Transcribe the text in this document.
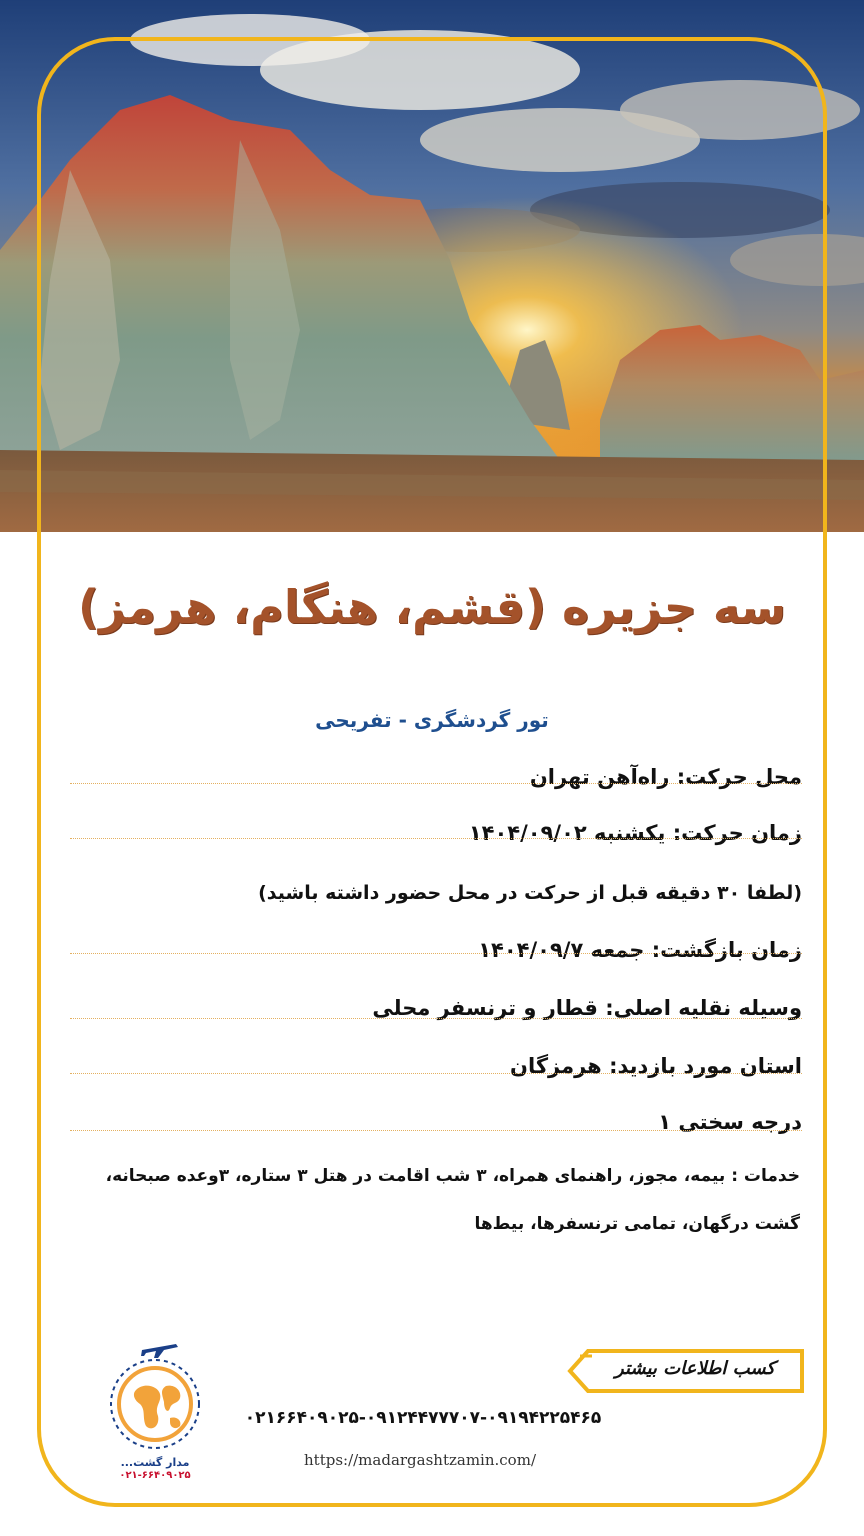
سه جزیره (قشم، هنگام، هرمز)
تور گردشگری - تفریحی
محل حرکت: راه‌آهن تهران
زمان حرکت: یکشنبه ۱۴۰۴/۰۹/۰۲
(لطفا ۳۰ دقیقه قبل از حرکت در محل حضور داشته باشید)
زمان بازگشت: جمعه ۱۴۰۴/۰۹/۷
وسیله نقلیه اصلی: قطار و ترنسفر محلی
استان مورد بازدید: هرمزگان
درجه سختی ۱
خدمات : بیمه، مجوز، راهنمای همراه، ۳ شب اقامت در هتل ۳ ستاره، ۳وعده صبحانه، گشت درگهان، تمامی ترنسفرها، بیط‌ها
کسب اطلاعات بیشتر
۰۲۱۶۶۴۰۹۰۲۵-۰۹۱۲۴۴۷۷۷۰۷-۰۹۱۹۴۲۲۵۴۶۵
https://madargashtzamin.com/
مدار گشت...
۰۲۱-۶۶۴۰۹۰۲۵
